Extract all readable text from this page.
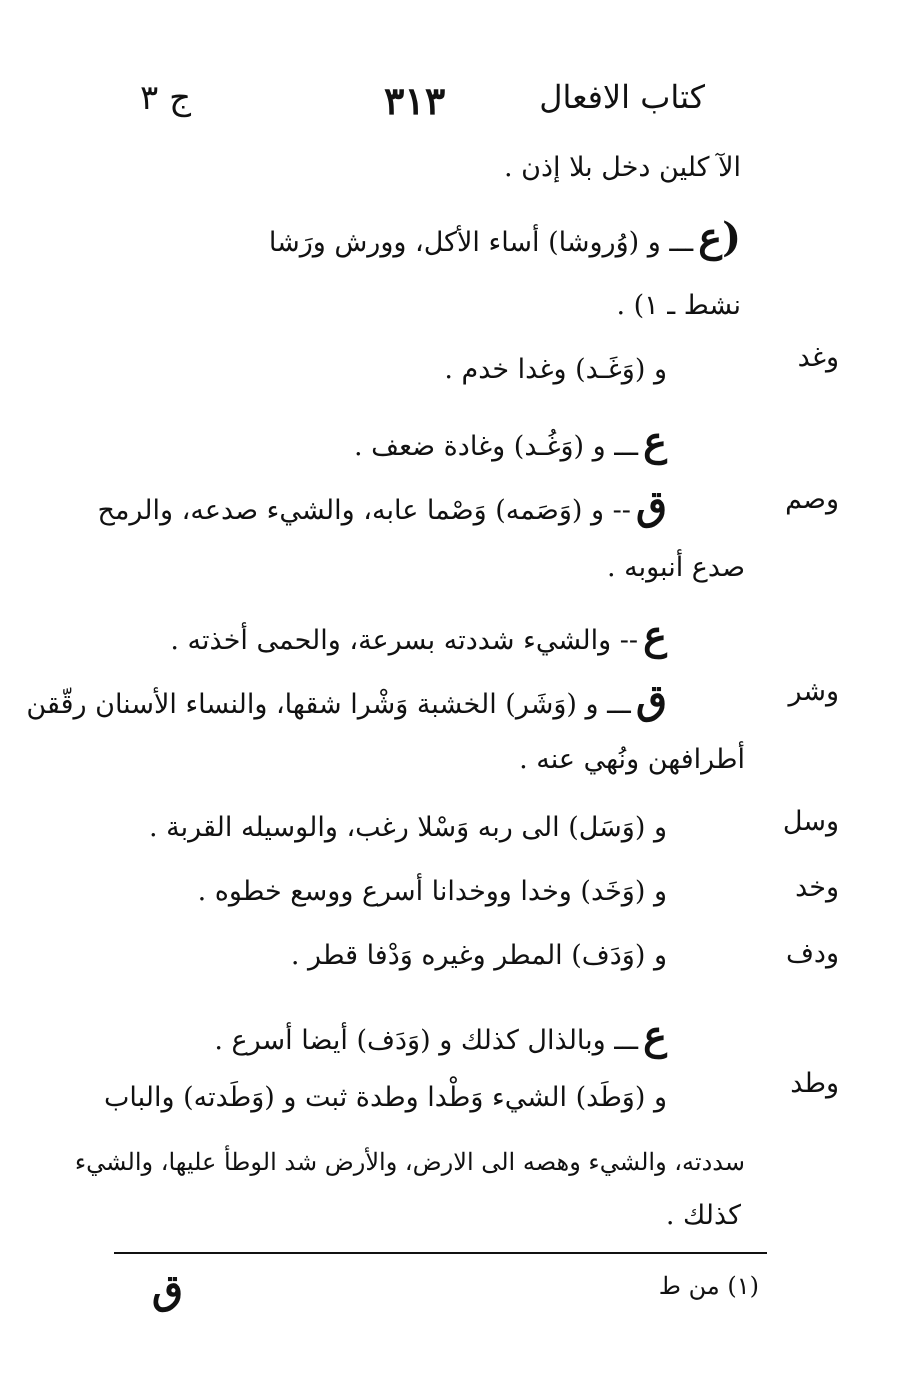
كتاب الافعال
٣١٣
ج ٣
الآ كلين دخل بلا إذن .
(ع ـــ و (وُروشا) أساء الأكل، وورش ورَشا
نشط ـ ١) .
وغد
و (وَغَـد) وغدا خدم .
ع ـــ و (وَغُـد) وغادة ضعف .
وصم
ق -- و (وَصَمه) وَصْما عابه، والشيء صدعه، والرمح
صدع أنبوبه .
ع -- والشيء شددته بسرعة، والحمى أخذته .
وشر
ق ـــ و (وَشَر) الخشبة وَشْرا شقها، والنساء الأسنان رقّقن
أطرافهن ونُهي عنه .
وسل
و (وَسَل) الى ربه وَسْلا رغب، والوسيله القربة .
وخد
و (وَخَد) وخدا ووخدانا أسرع ووسع خطوه .
ودف
و (وَدَف) المطر وغيره وَدْفا قطر .
ع ـــ وبالذال كذلك و (وَدَف) أيضا أسرع .
وطد
و (وَطَد) الشيء وَطْدا وطدة ثبت و (وَطَدته) والباب
سددته، والشيء وهصه الى الارض، والأرض شد الوطأ عليها، والشيء
كذلك .
(١) من ط
ق
